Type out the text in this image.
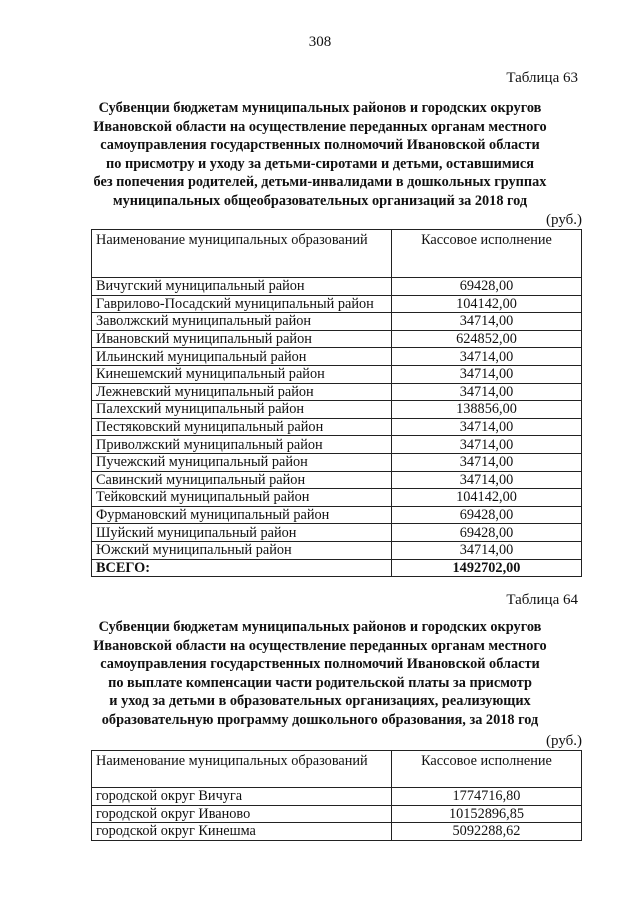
308
Таблица 63
Субвенции бюджетам муниципальных районов и городских округов
Ивановской области на осуществление переданных органам местного
самоуправления государственных полномочий Ивановской области
по присмотру и уходу за детьми-сиротами и детьми, оставшимися
без попечения родителей, детьми-инвалидами в дошкольных группах
муниципальных общеобразовательных организаций за 2018 год
(руб.)
Наименование муниципальных образований	Кассовое исполнение
Вичугский муниципальный район	69428,00
Гаврилово-Посадский муниципальный район	104142,00
Заволжский муниципальный район	34714,00
Ивановский муниципальный район	624852,00
Ильинский муниципальный район	34714,00
Кинешемский муниципальный район	34714,00
Лежневский муниципальный район	34714,00
Палехский муниципальный район	138856,00
Пестяковский муниципальный район	34714,00
Приволжский муниципальный район	34714,00
Пучежский муниципальный район	34714,00
Савинский муниципальный район	34714,00
Тейковский муниципальный район	104142,00
Фурмановский муниципальный район	69428,00
Шуйский муниципальный район	69428,00
Южский муниципальный район	34714,00
ВСЕГО:	1492702,00
Таблица 64
Субвенции бюджетам муниципальных районов и городских округов
Ивановской области на осуществление переданных органам местного
самоуправления государственных полномочий Ивановской области
по выплате компенсации части родительской платы за присмотр
и уход за детьми в образовательных организациях, реализующих
образовательную программу дошкольного образования, за 2018 год
(руб.)
Наименование муниципальных образований	Кассовое исполнение
городской округ Вичуга	1774716,80
городской округ Иваново	10152896,85
городской округ Кинешма	5092288,62
